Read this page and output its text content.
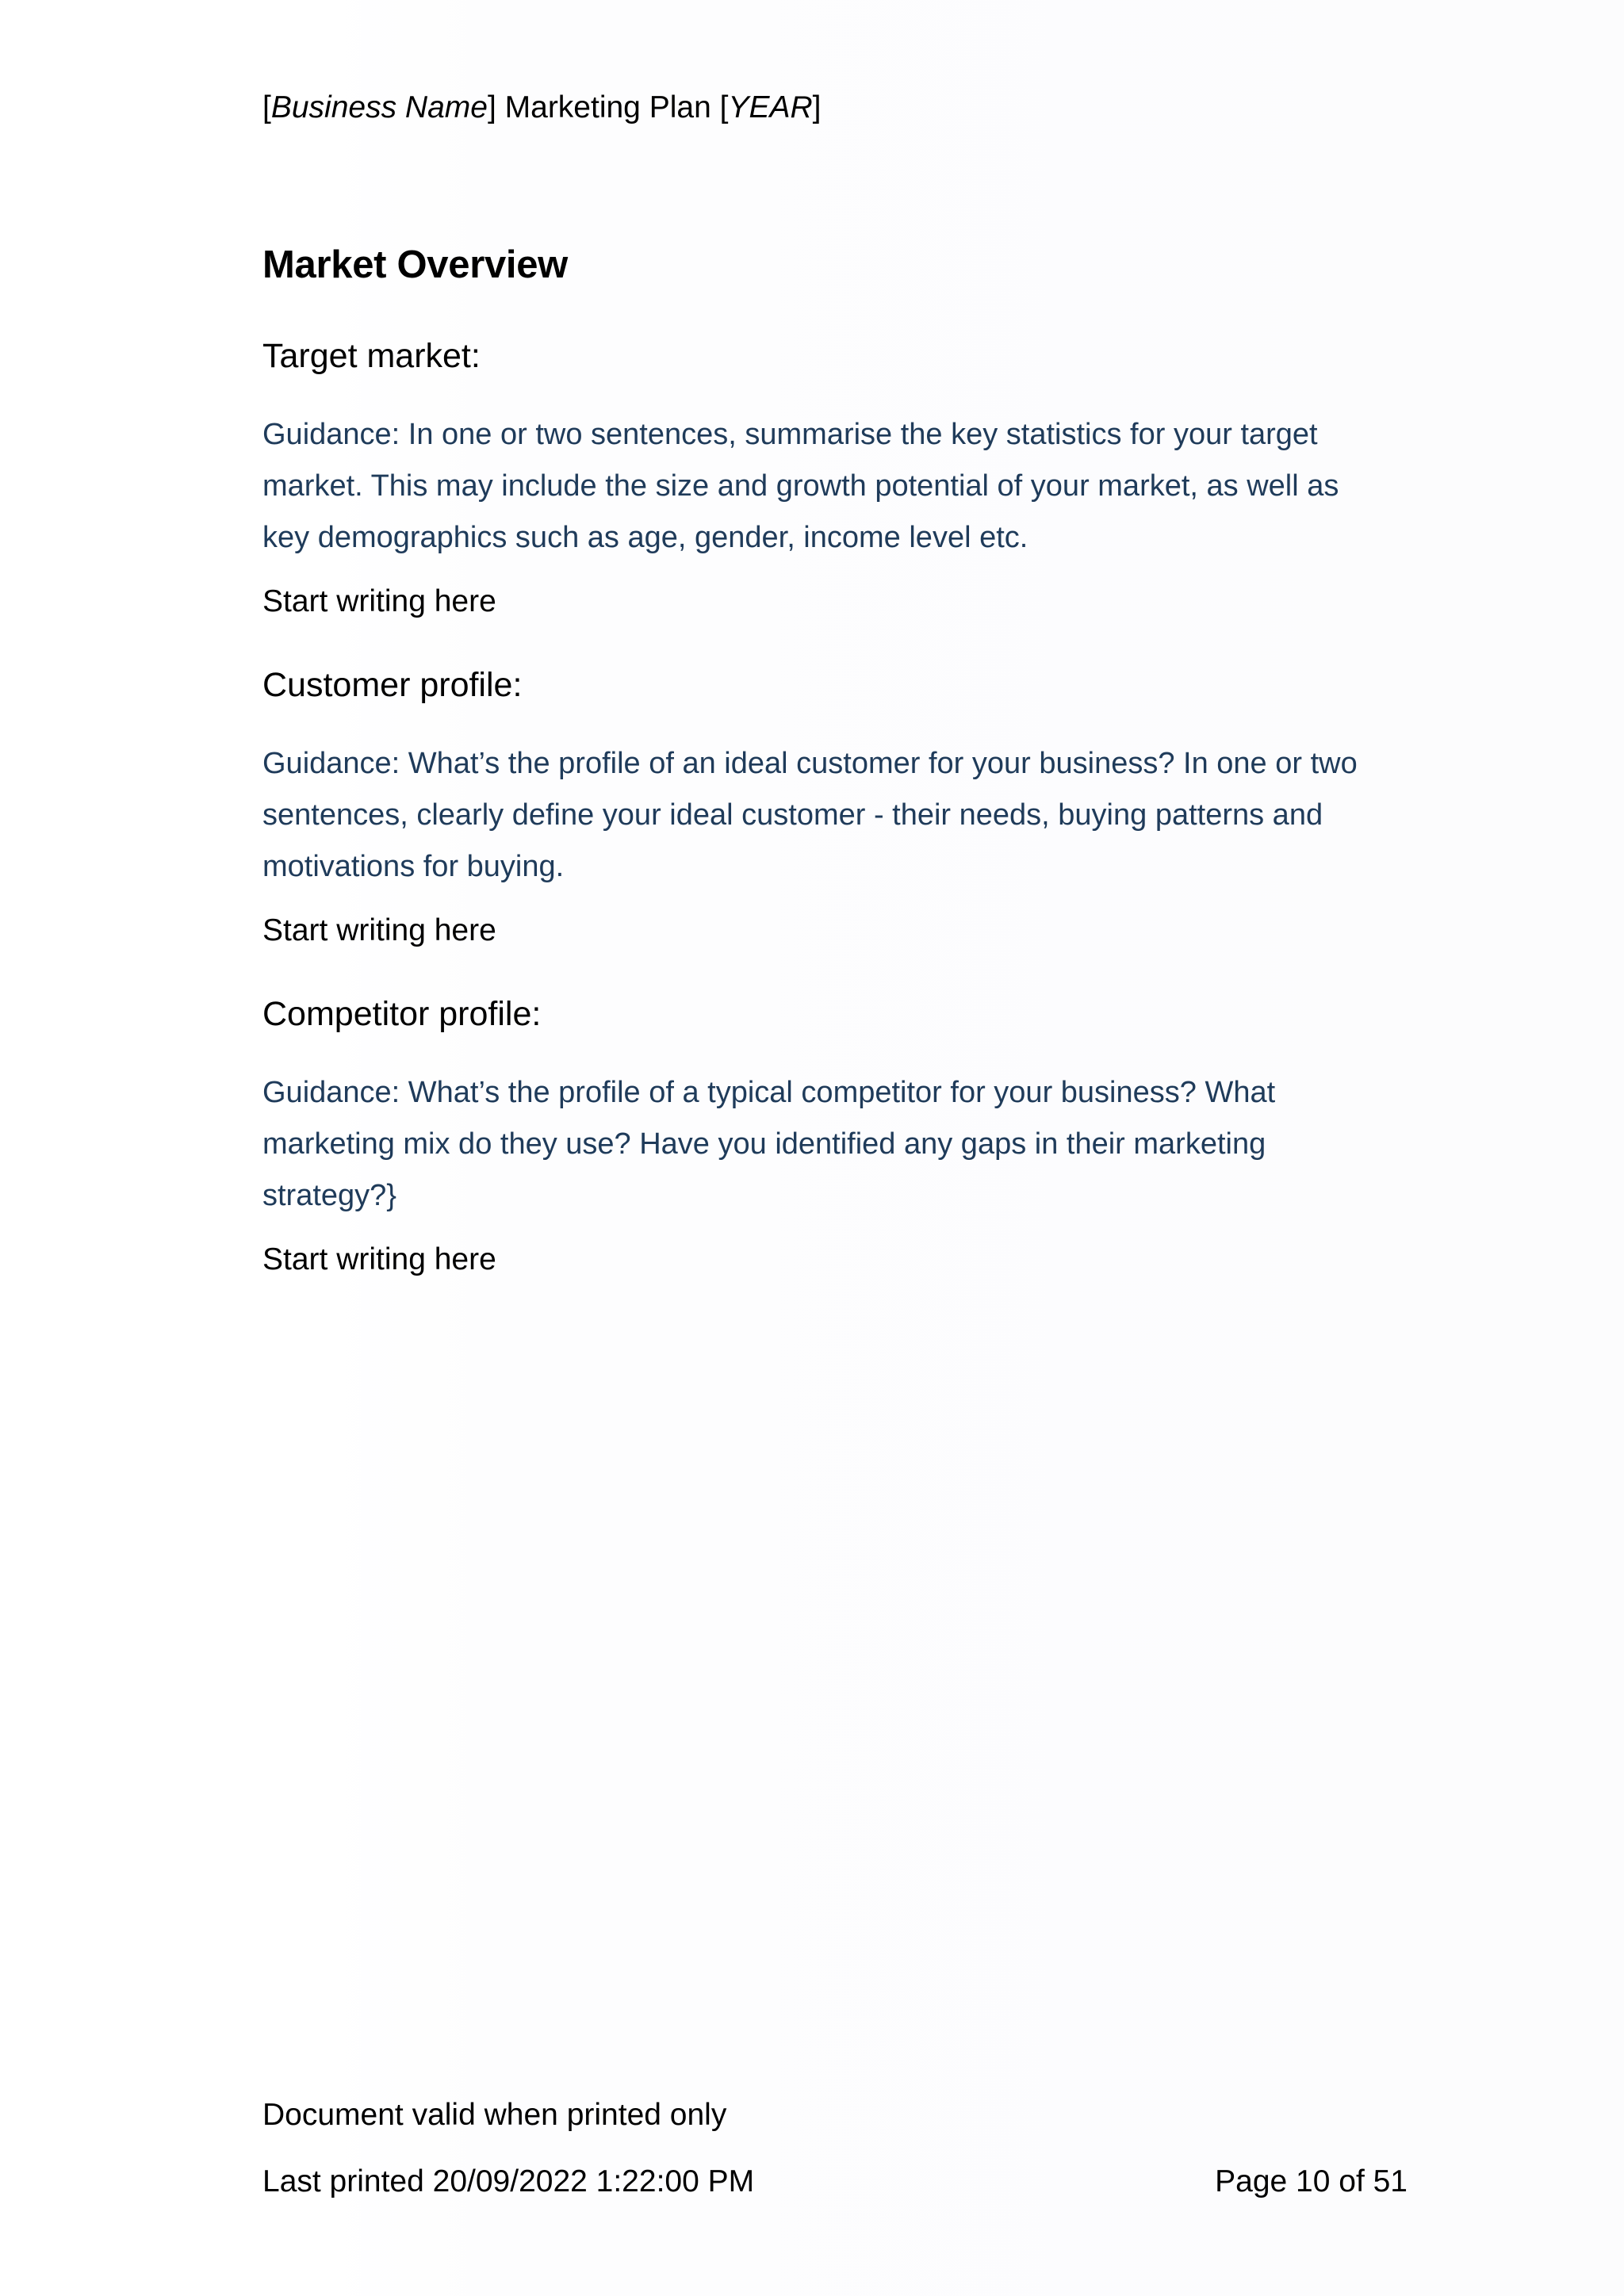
[Business Name] Marketing Plan [YEAR]
Market Overview
Target market:

Guidance: In one or two sentences, summarise the key statistics for your target market. This may include the size and growth potential of your market, as well as key demographics such as age, gender, income level etc.

Start writing here

Customer profile:

Guidance: What’s the profile of an ideal customer for your business? In one or two sentences, clearly define your ideal customer - their needs, buying patterns and motivations for buying.

Start writing here

Competitor profile:

Guidance: What’s the profile of a typical competitor for your business? What marketing mix do they use? Have you identified any gaps in their marketing strategy?}

Start writing here

Document valid when printed only
Last printed 20/09/2022 1:22:00 PM	Page 10 of 51
